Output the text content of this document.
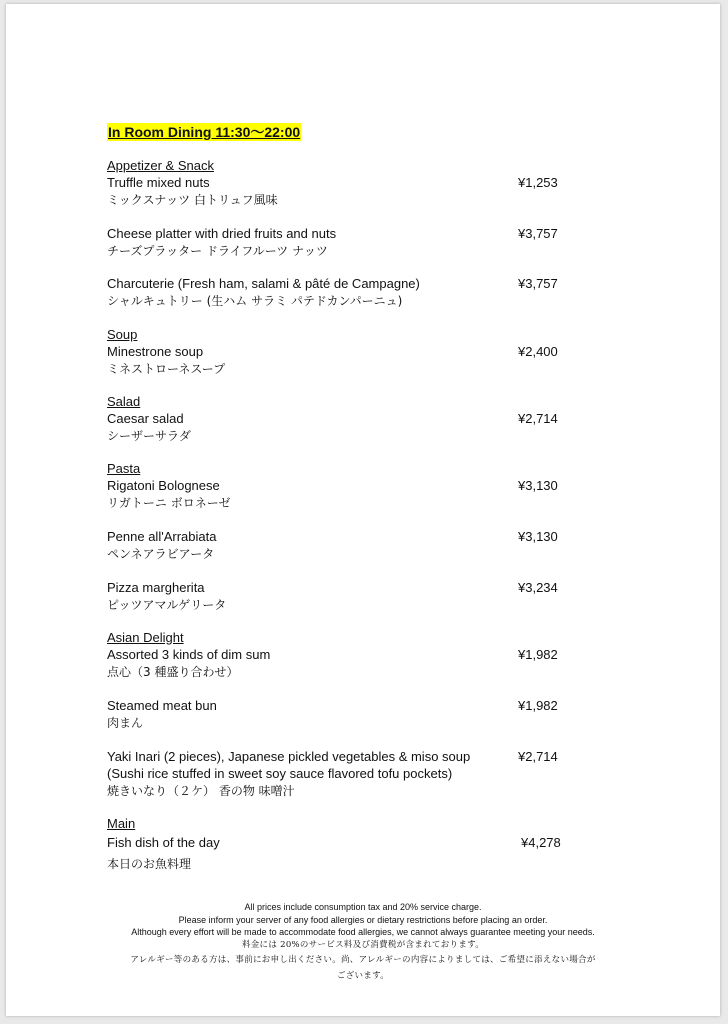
In Room Dining 11:30～22:00
Appetizer & Snack
Truffle mixed nuts	¥1,253
ミックスナッツ 白トリュフ風味
Cheese platter with dried fruits and nuts	¥3,757
チーズプラッター ドライフルーツ ナッツ
Charcuterie (Fresh ham, salami & pâté de Campagne)	¥3,757
シャルキュトリー (生ハム サラミ パテドカンパーニュ)
Soup
Minestrone soup	¥2,400
ミネストローネスープ
Salad
Caesar salad	¥2,714
シーザーサラダ
Pasta
Rigatoni Bolognese	¥3,130
リガトーニ ボロネーゼ
Penne all'Arrabiata	¥3,130
ペンネアラビアータ
Pizza margherita	¥3,234
ピッツアマルゲリータ
Asian Delight
Assorted 3 kinds of dim sum	¥1,982
点心（3 種盛り合わせ）
Steamed meat bun	¥1,982
肉まん
Yaki Inari (2 pieces), Japanese pickled vegetables & miso soup	¥2,714
(Sushi rice stuffed in sweet soy sauce flavored tofu pockets)
焼きいなり（２ケ） 香の物 味噌汁
Main
Fish dish of the day	¥4,278
本日のお魚料理
All prices include consumption tax and 20% service charge.
Please inform your server of any food allergies or dietary restrictions before placing an order.
Although every effort will be made to accommodate food allergies, we cannot always guarantee meeting your needs.
料金には 20%のサービス料及び消費税が含まれております。
アレルギー等のある方は、事前にお申し出ください。尚、アレルギーの内容によりましては、ご希望に添えない場合が
ございます。
